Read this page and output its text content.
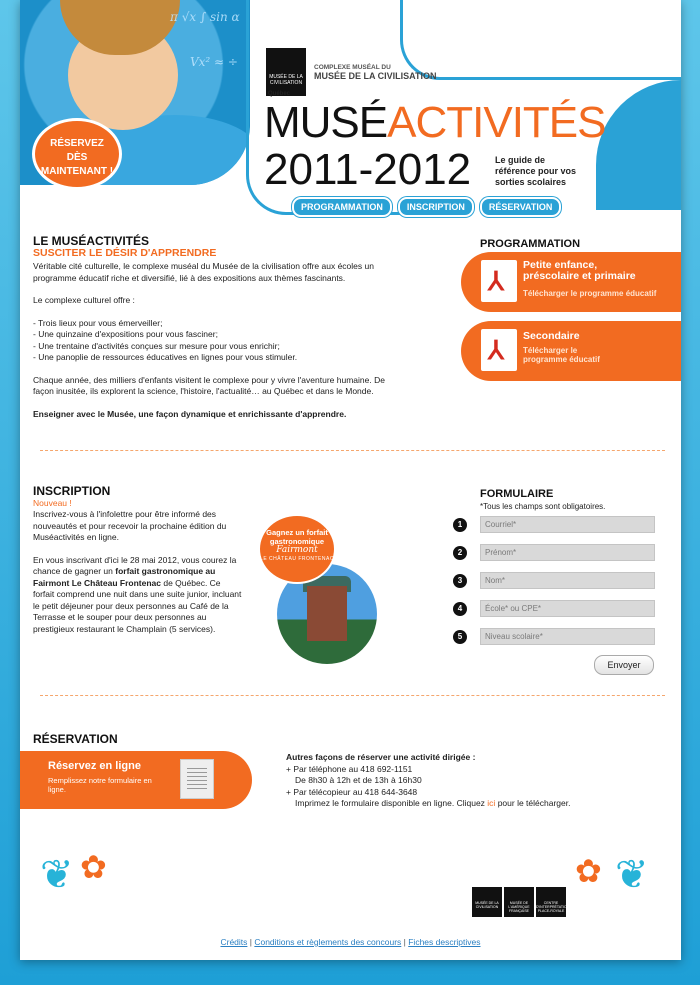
π √x ∫ sin α
Vx² ≈ ÷
RÉSERVEZ
DÈS
MAINTENANT !
MUSÉE DE LA CIVILISATION
Québec
COMPLEXE MUSÉAL DU
MUSÉE DE LA CIVILISATION
MUSÉACTIVITÉS
2011-2012	Le guide de
référence pour vos
sorties scolaires
PROGRAMMATION	INSCRIPTION	RÉSERVATION
LE MUSÉACTIVITÉS
SUSCITER LE DÉSIR D'APPRENDRE

Véritable cité culturelle, le complexe muséal du Musée de la civilisation offre aux écoles un programme éducatif riche et diversifié, lié à des expositions aux thèmes fascinants.

Le complexe culturel offre :

- Trois lieux pour vous émerveiller;
- Une quinzaine d'expositions pour vous fasciner;
- Une trentaine d'activités conçues sur mesure pour vous enrichir;
- Une panoplie de ressources éducatives en lignes pour vous stimuler.

Chaque année, des milliers d'enfants visitent le complexe pour y vivre l'aventure humaine. De façon inusitée, ils explorent la science, l'histoire, l'actualité… au Québec et dans le Monde.

Enseigner avec le Musée, une façon dynamique et enrichissante d'apprendre.

PROGRAMMATION
⅄
Petite enfance, préscolaire et primaire
Télécharger le programme éducatif
⅄
Secondaire
Télécharger le programme éducatif
INSCRIPTION
Nouveau !

Inscrivez-vous à l'infolettre pour être informé des nouveautés et pour recevoir la prochaine édition du Muséactivités en ligne.

En vous inscrivant d'ici le 28 mai 2012, vous courez la chance de gagner un forfait gastronomique au Fairmont Le Château Frontenac de Québec. Ce forfait comprend une nuit dans une suite junior, incluant le petit déjeuner pour deux personnes au Café de la Terrasse et le souper pour deux personnes au prestigieux restaurant le Champlain (5 services).

Gagnez un forfait gastronomique
Fairmont
LE CHÂTEAU FRONTENAC
FORMULAIRE
*Tous les champs sont obligatoires.
1	Courriel*
2	Prénom*
3	Nom*
4	École* ou CPE*
5	Niveau scolaire*
Envoyer
RÉSERVATION
Réservez en ligne
Remplissez notre formulaire en ligne.
Autres façons de réserver une activité dirigée :
+ Par téléphone au 418 692-1151
De 8h30 à 12h et de 13h à 16h30
+ Par télécopieur au 418 644-3648
Imprimez le formulaire disponible en ligne. Cliquez ici pour le télécharger.
❦ ✿	✿ ❦
MUSÉE DE LA CIVILISATION
MUSÉE DE L'AMÉRIQUE FRANÇAISE
CENTRE D'INTERPRÉTATION PLACE-ROYALE
Crédits | Conditions et règlements des concours | Fiches descriptives
